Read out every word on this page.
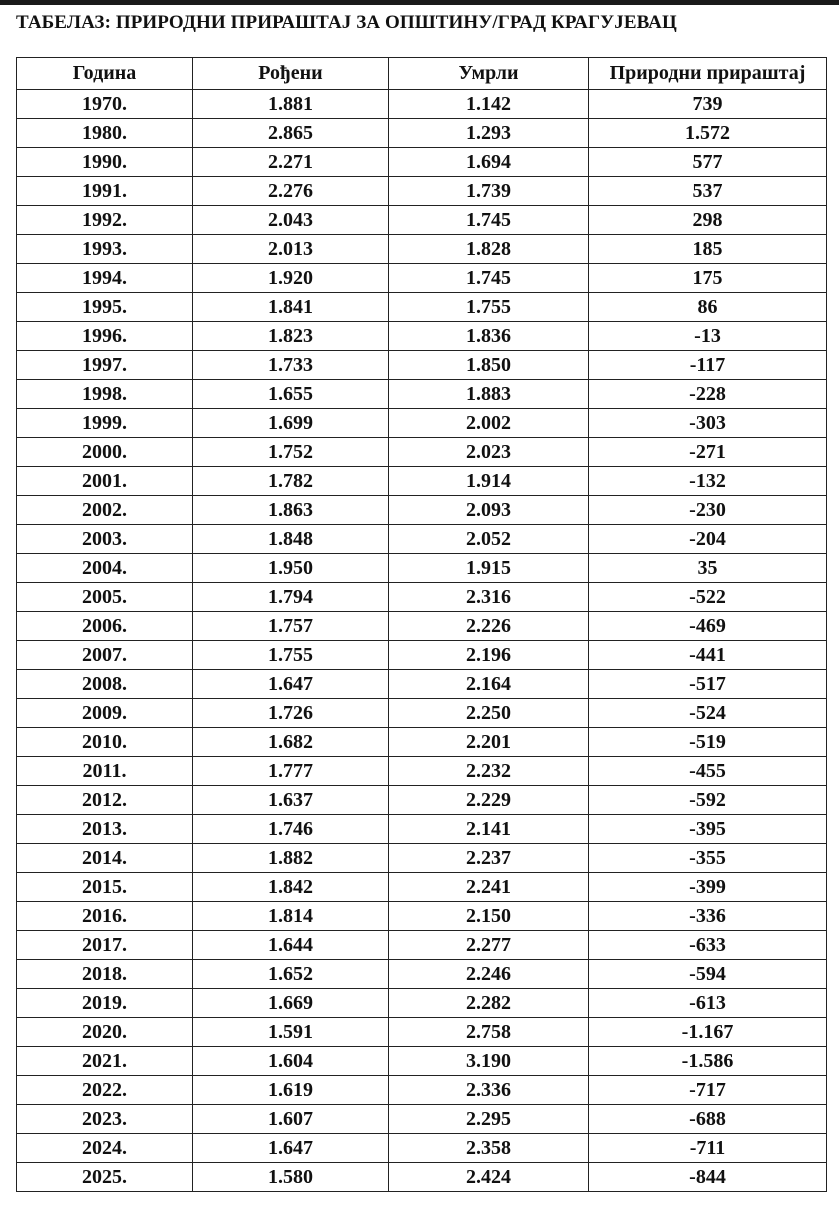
ТАБЕЛАЗ: ПРИРОДНИ ПРИРАШТАЈ ЗА ОПШТИНУ/ГРАД КРАГУЈЕВАЦ
Година	Рођени	Умрли	Природни прираштај
1970.	1.881	1.142	739
1980.	2.865	1.293	1.572
1990.	2.271	1.694	577
1991.	2.276	1.739	537
1992.	2.043	1.745	298
1993.	2.013	1.828	185
1994.	1.920	1.745	175
1995.	1.841	1.755	86
1996.	1.823	1.836	-13
1997.	1.733	1.850	-117
1998.	1.655	1.883	-228
1999.	1.699	2.002	-303
2000.	1.752	2.023	-271
2001.	1.782	1.914	-132
2002.	1.863	2.093	-230
2003.	1.848	2.052	-204
2004.	1.950	1.915	35
2005.	1.794	2.316	-522
2006.	1.757	2.226	-469
2007.	1.755	2.196	-441
2008.	1.647	2.164	-517
2009.	1.726	2.250	-524
2010.	1.682	2.201	-519
2011.	1.777	2.232	-455
2012.	1.637	2.229	-592
2013.	1.746	2.141	-395
2014.	1.882	2.237	-355
2015.	1.842	2.241	-399
2016.	1.814	2.150	-336
2017.	1.644	2.277	-633
2018.	1.652	2.246	-594
2019.	1.669	2.282	-613
2020.	1.591	2.758	-1.167
2021.	1.604	3.190	-1.586
2022.	1.619	2.336	-717
2023.	1.607	2.295	-688
2024.	1.647	2.358	-711
2025.	1.580	2.424	-844
